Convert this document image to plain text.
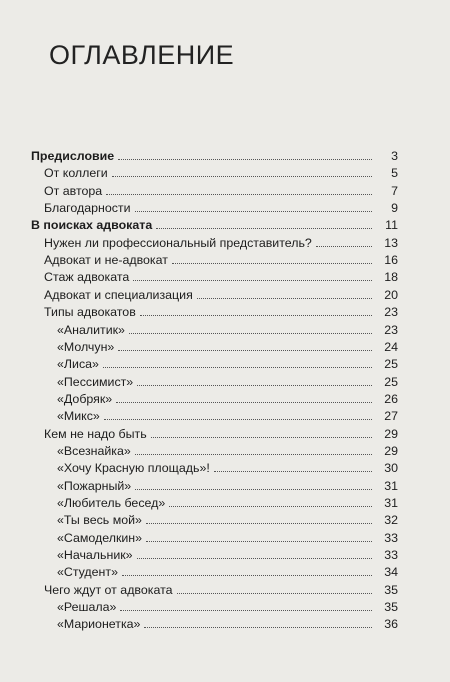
ОГЛАВЛЕНИЕ
Предисловие	3
От коллеги	5
От автора	7
Благодарности	9
В поисках адвоката	11
Нужен ли профессиональный представитель?	13
Адвокат и не-адвокат	16
Стаж адвоката	18
Адвокат и специализация	20
Типы адвокатов	23
«Аналитик»	23
«Молчун»	24
«Лиса»	25
«Пессимист»	25
«Добряк»	26
«Микс»	27
Кем не надо быть	29
«Всезнайка»	29
«Хочу Красную площадь»!	30
«Пожарный»	31
«Любитель бесед»	31
«Ты весь мой»	32
«Самоделкин»	33
«Начальник»	33
«Студент»	34
Чего ждут от адвоката	35
«Решала»	35
«Марионетка»	36
